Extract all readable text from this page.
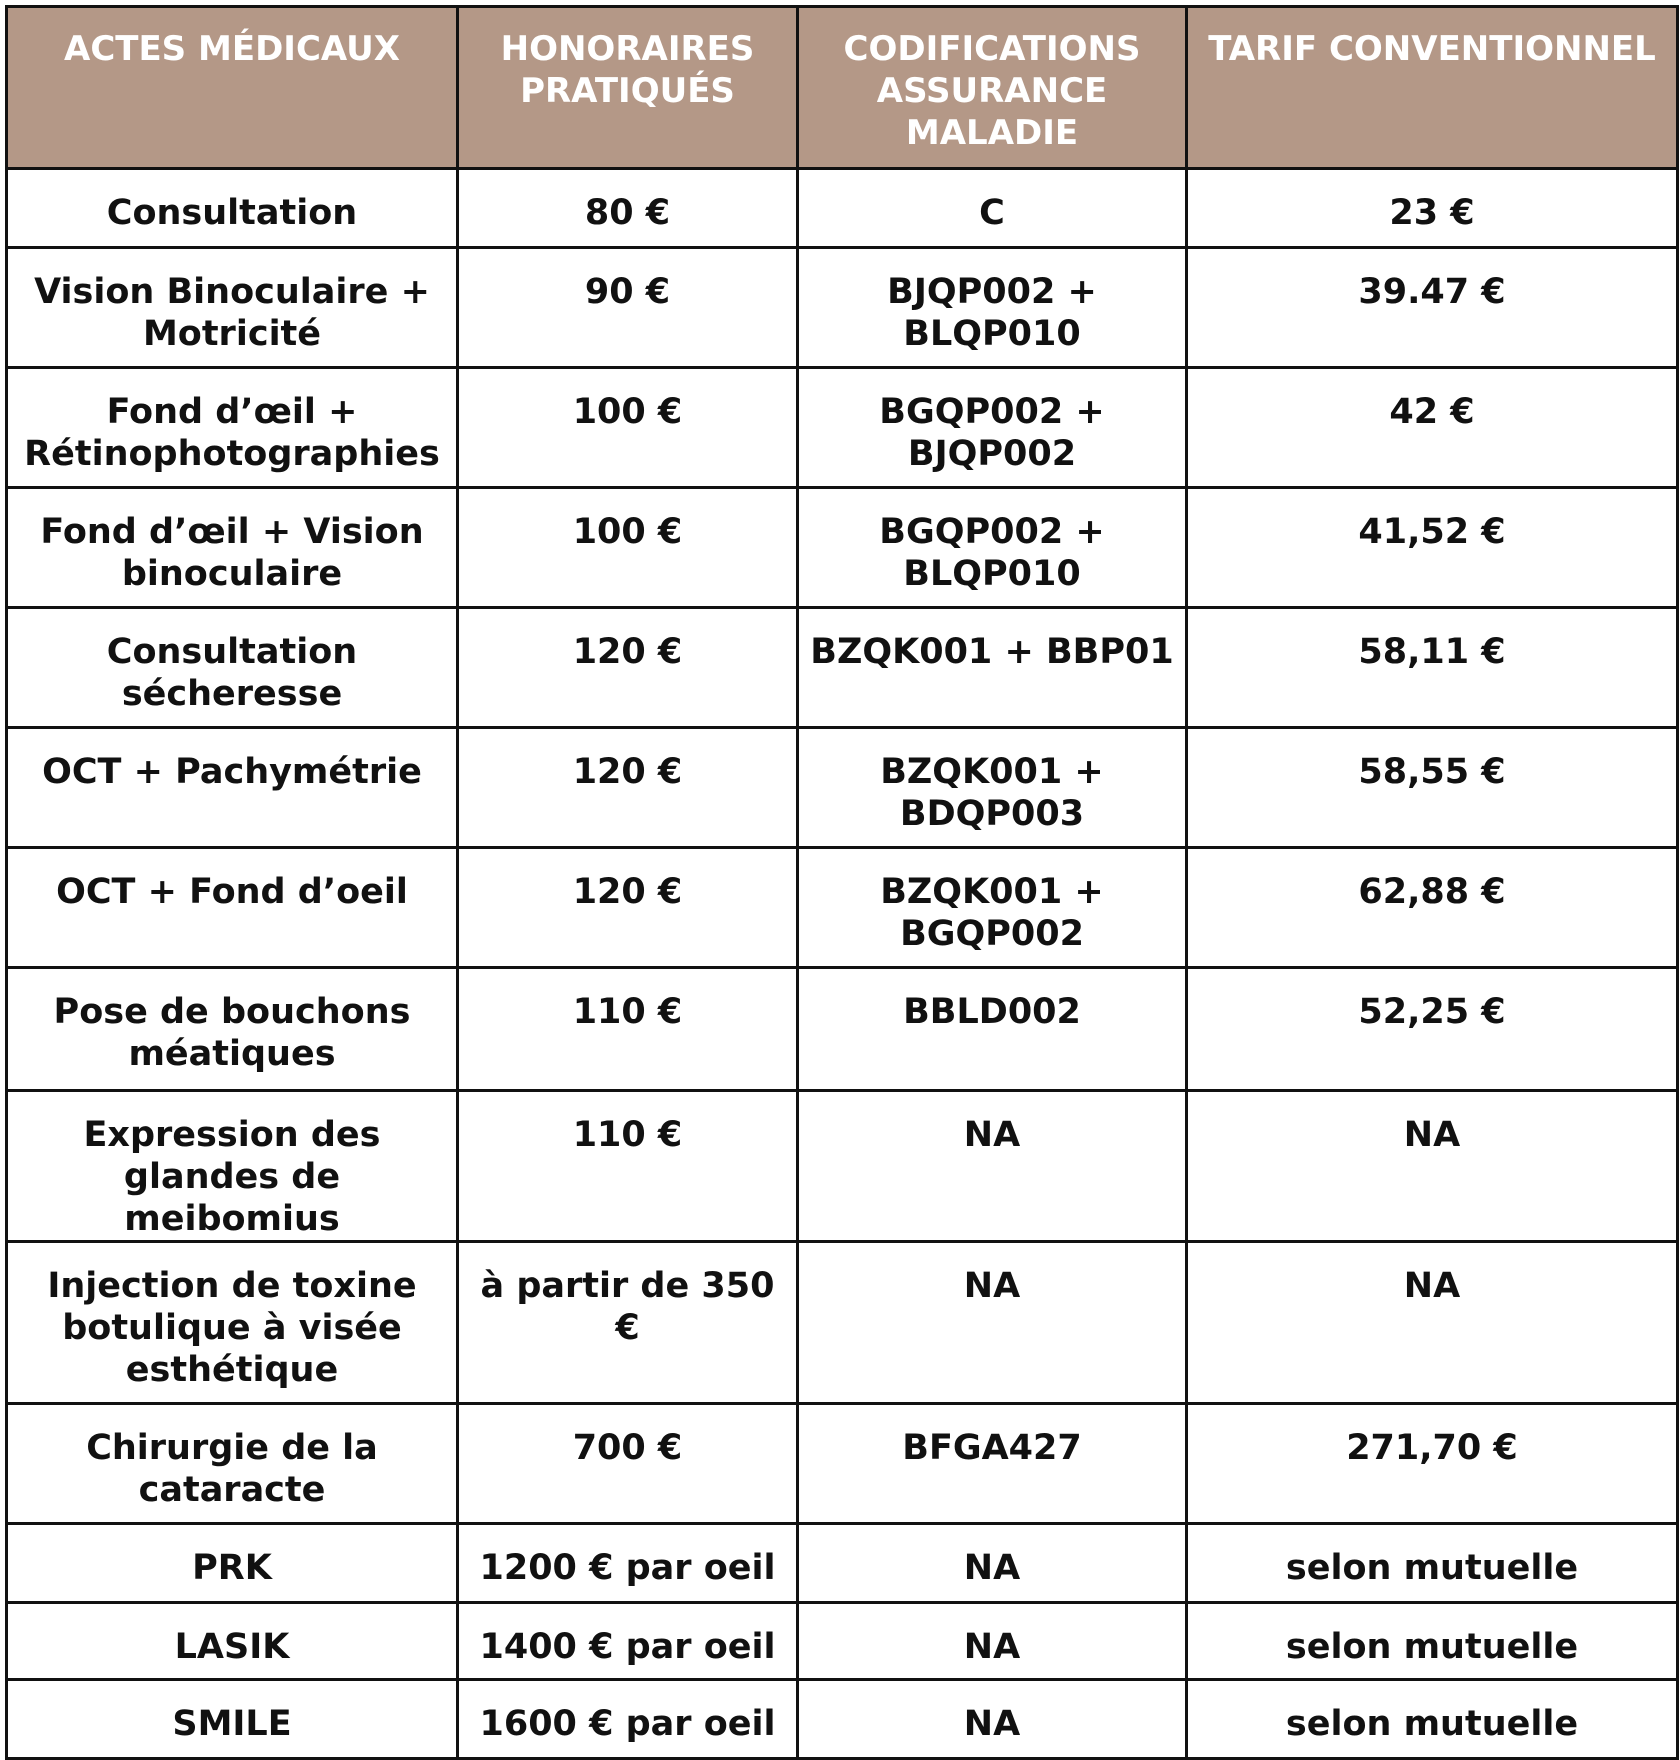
ACTES MÉDICAUX	HONORAIRES PRATIQUÉS	CODIFICATIONS ASSURANCE MALADIE	TARIF CONVENTIONNEL
Consultation	80 €	C	23 €
Vision Binoculaire + Motricité	90 €	BJQP002 + BLQP010	39.47 €
Fond d’œil + Rétinophotographies	100 €	BGQP002 + BJQP002	42 €
Fond d’œil + Vision binoculaire	100 €	BGQP002 + BLQP010	41,52 €
Consultation sécheresse	120 €	BZQK001 + BBP01	58,11 €
OCT + Pachymétrie	120 €	BZQK001 + BDQP003	58,55 €
OCT + Fond d’oeil	120 €	BZQK001 + BGQP002	62,88 €
Pose de bouchons méatiques	110 €	BBLD002	52,25 €
Expression des glandes de meibomius	110 €	NA	NA
Injection de toxine botulique à visée esthétique	à partir de 350 €	NA	NA
Chirurgie de la cataracte	700 €	BFGA427	271,70 €
PRK	1200 € par oeil	NA	selon mutuelle
LASIK	1400 € par oeil	NA	selon mutuelle
SMILE	1600 € par oeil	NA	selon mutuelle
